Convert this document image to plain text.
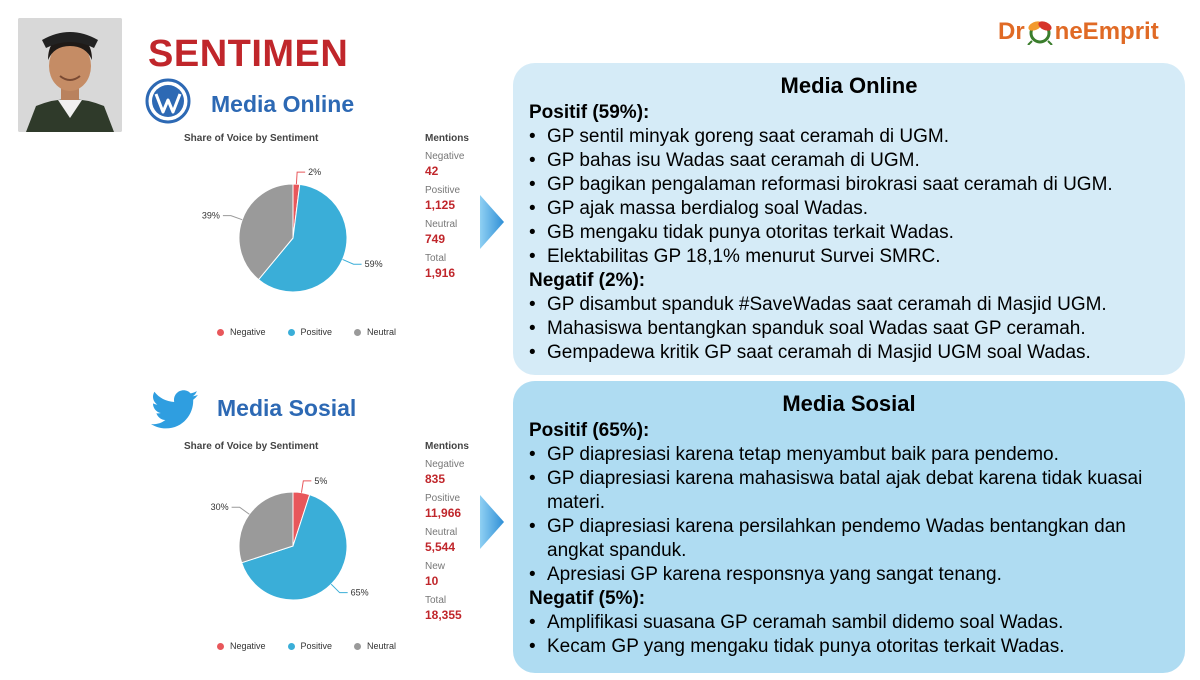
SENTIMEN
Dr neEmprit
Media Online
Share of Voice by Sentiment
2%
59%
39%
Negative	Positive	Neutral
Mentions
Negative
42
Positive
1,125
Neutral
749
Total
1,916
Media Online
Positif (59%):
• GP sentil minyak goreng saat ceramah di UGM.
• GP bahas isu Wadas saat ceramah di UGM.
• GP bagikan pengalaman reformasi birokrasi saat ceramah di UGM.
• GP ajak massa berdialog soal Wadas.
• GB mengaku tidak punya otoritas terkait Wadas.
• Elektabilitas GP 18,1% menurut Survei SMRC.
Negatif (2%):
• GP disambut spanduk #SaveWadas saat ceramah di Masjid UGM.
• Mahasiswa bentangkan spanduk soal Wadas saat GP ceramah.
• Gempadewa kritik GP saat ceramah di Masjid UGM soal Wadas.
Media Sosial
Share of Voice by Sentiment
5%
65%
30%
Negative	Positive	Neutral
Mentions
Negative
835
Positive
11,966
Neutral
5,544
New
10
Total
18,355
Media Sosial
Positif (65%):
• GP diapresiasi karena tetap menyambut baik para pendemo.
• GP diapresiasi karena mahasiswa batal ajak debat karena tidak kuasai materi.
• GP diapresiasi karena persilahkan pendemo Wadas bentangkan dan angkat spanduk.
• Apresiasi GP karena responsnya yang sangat tenang.
Negatif (5%):
• Amplifikasi suasana GP ceramah sambil didemo soal Wadas.
• Kecam GP yang mengaku tidak punya otoritas terkait Wadas.
